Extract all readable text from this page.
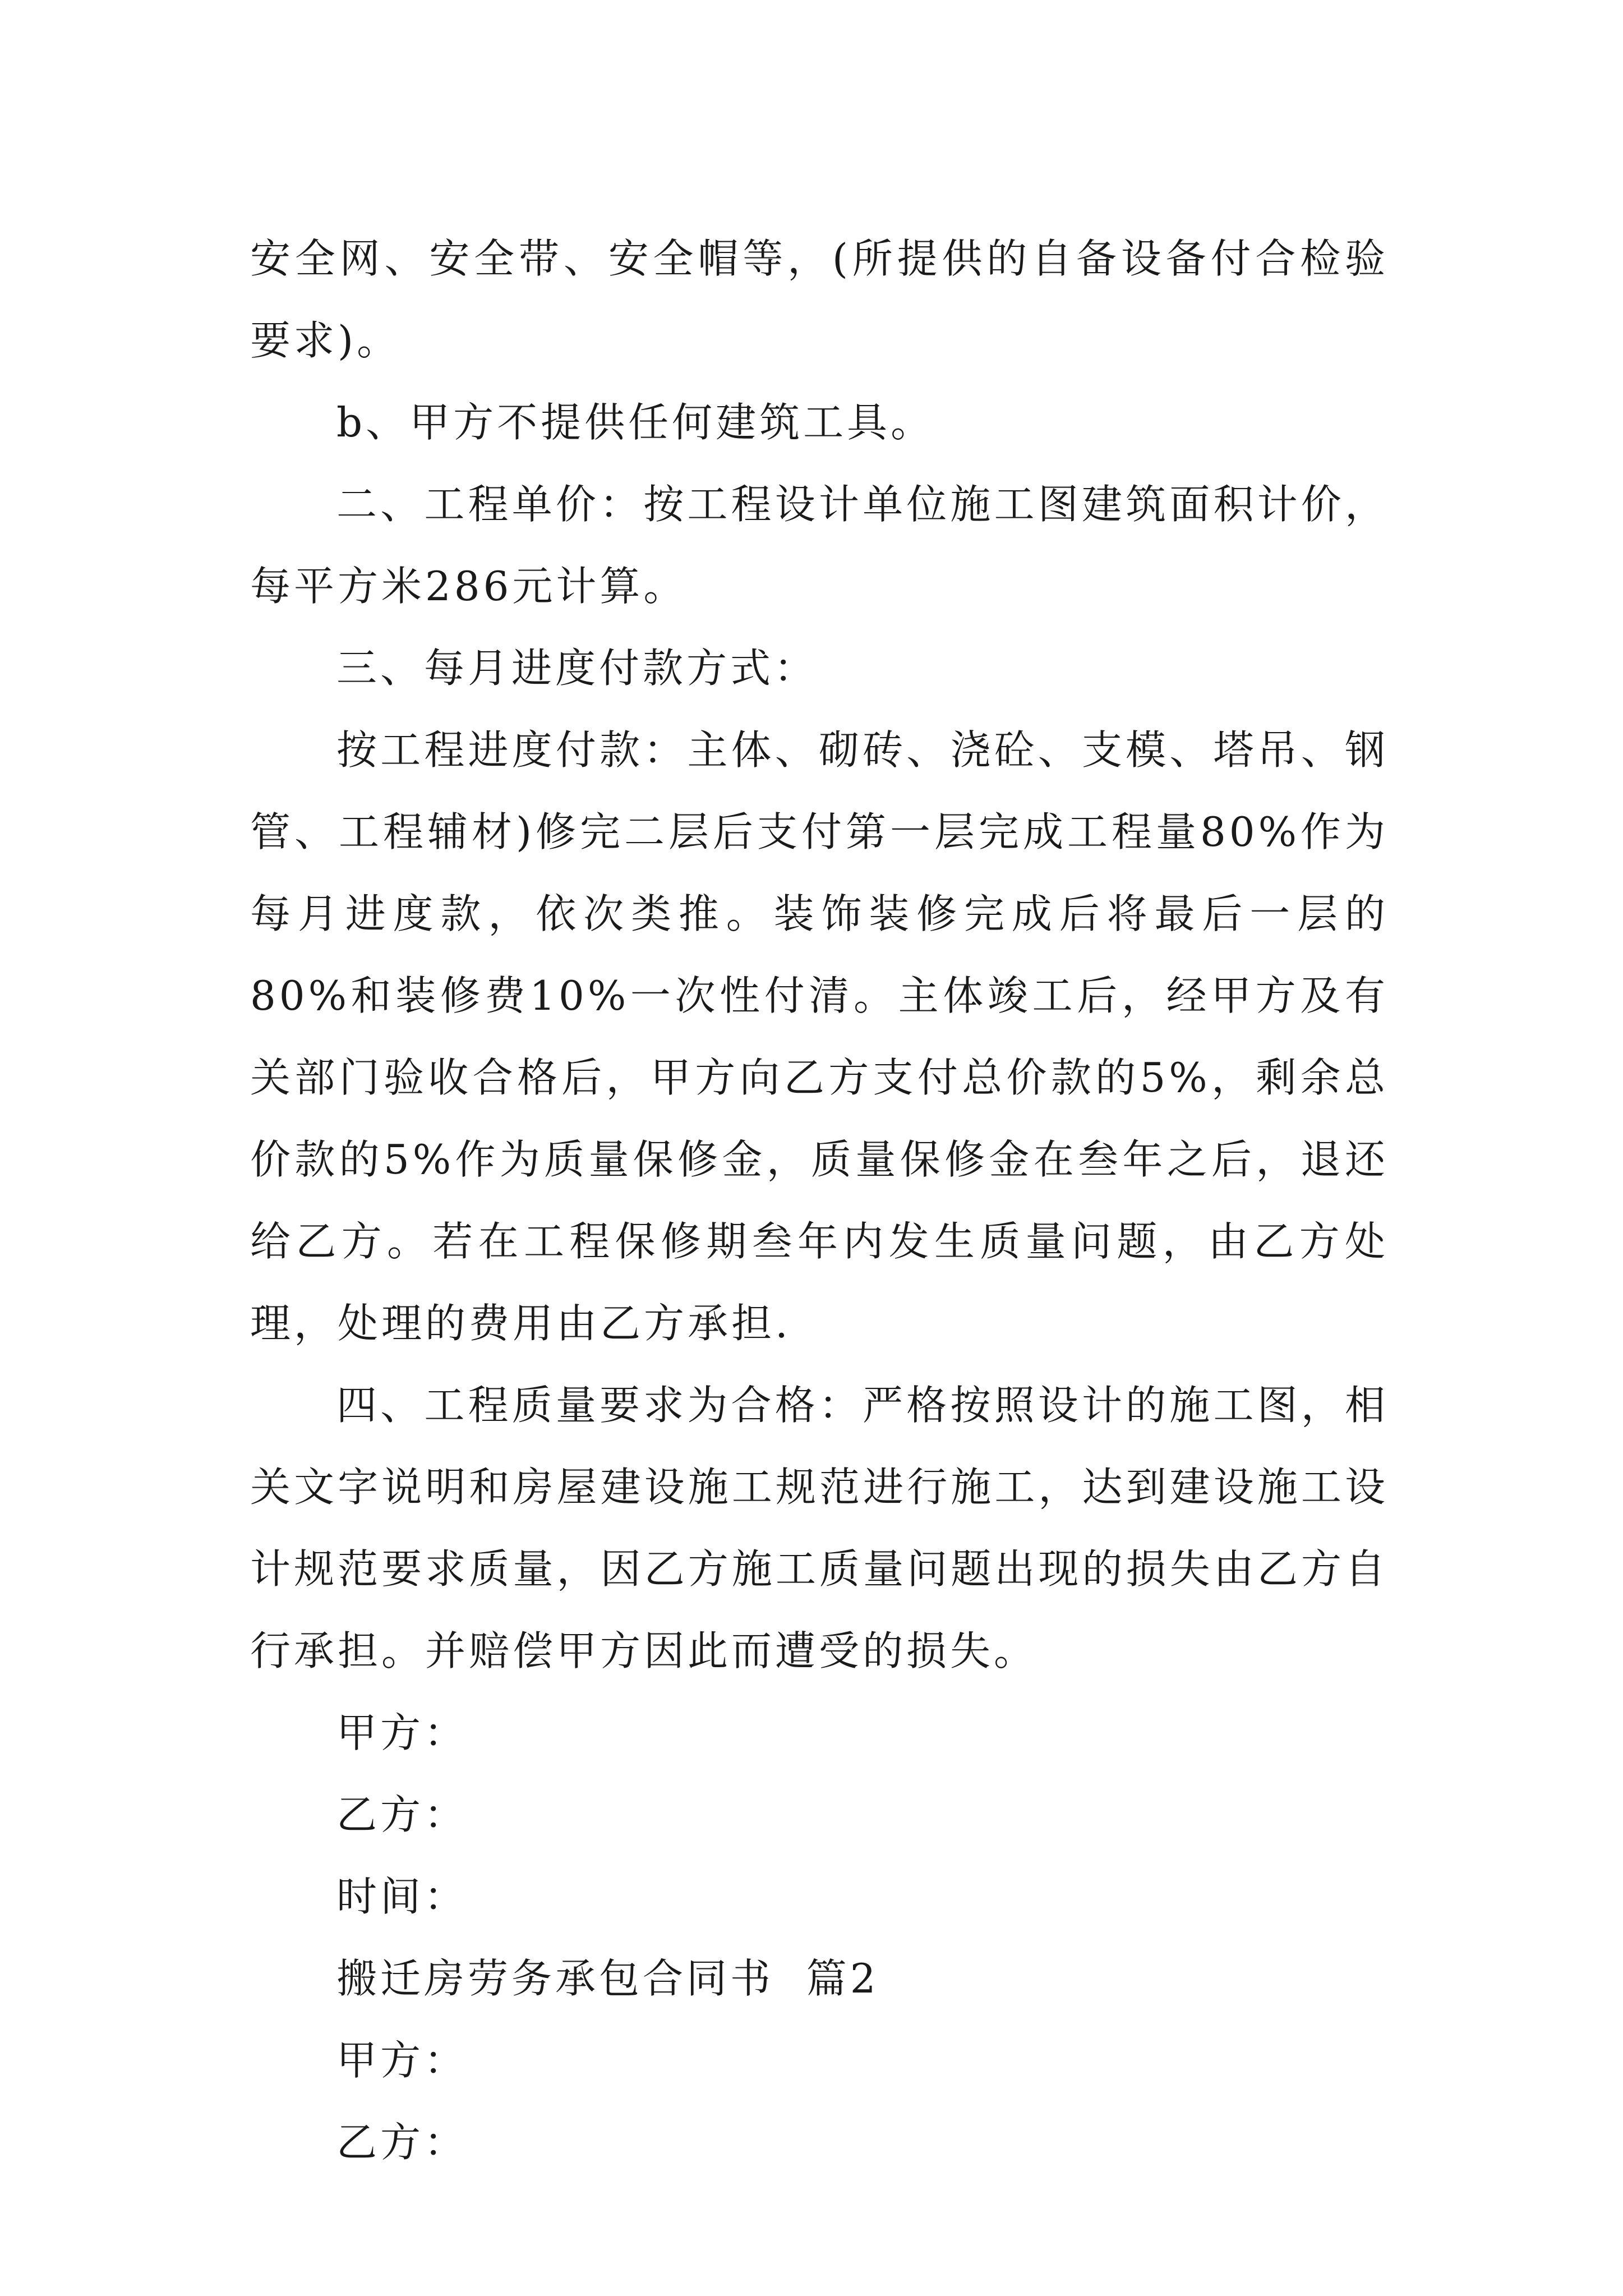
安全网、安全带、安全帽等，(所提供的自备设备付合检验要求)。

b、甲方不提供任何建筑工具。

二、工程单价：按工程设计单位施工图建筑面积计价，每平方米286元计算。

三、每月进度付款方式：

按工程进度付款：主体、砌砖、浇砼、支模、塔吊、钢管、工程辅材)修完二层后支付第一层完成工程量80%作为每月进度款，依次类推。装饰装修完成后将最后一层的80%和装修费10%一次性付清。主体竣工后，经甲方及有关部门验收合格后，甲方向乙方支付总价款的5%，剩余总价款的5%作为质量保修金，质量保修金在叁年之后，退还给乙方。若在工程保修期叁年内发生质量问题，由乙方处理，处理的费用由乙方承担.

四、工程质量要求为合格：严格按照设计的施工图，相关文字说明和房屋建设施工规范进行施工，达到建设施工设计规范要求质量，因乙方施工质量问题出现的损失由乙方自行承担。并赔偿甲方因此而遭受的损失。

甲方：

乙方：

时间：

搬迁房劳务承包合同书  篇2

甲方：

乙方：
